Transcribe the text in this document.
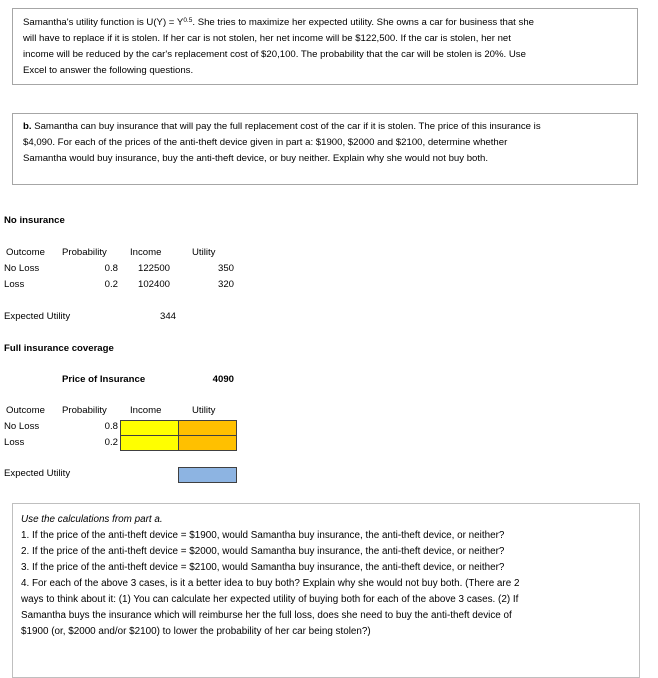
Samantha's utility function is $U(Y) = Y^{0.5}$. She tries to maximize her expected utility. She owns a car for business that she
will have to replace if it is stolen. If her car is not stolen, her net income will be $122,500. If the car is stolen, her net
income will be reduced by the car's replacement cost of $20,100. The probability that the car will be stolen is 20%. Use
Excel to answer the following questions.
b. Samantha can buy insurance that will pay the full replacement cost of the car if it is stolen. The price of this insurance is
$4,090. For each of the prices of the anti-theft device given in part a: $1900, $2000 and $2100, determine whether
Samantha would buy insurance, buy the anti-theft device, or buy neither. Explain why she would not buy both.
No insurance
Outcome Probability Income	Utility
No Loss	0.8 122500	350
Loss	0.2 102400	320
Expected Utility	344
Full insurance coverage
Price of Insurance	4090
Outcome Probability Income	Utility
No Loss	0.8
Loss	0.2
Expected Utility
Use the calculations from part a.
1. If the price of the anti-theft device = $1900, would Samantha buy insurance, the anti-theft device, or neither?
2. If the price of the anti-theft device = $2000, would Samantha buy insurance, the anti-theft device, or neither?
3. If the price of the anti-theft device = $2100, would Samantha buy insurance, the anti-theft device, or neither?
4. For each of the above 3 cases, is it a better idea to buy both? Explain why she would not buy both. (There are 2
ways to think about it: (1) You can calculate her expected utility of buying both for each of the above 3 cases. (2) If
Samantha buys the insurance which will reimburse her the full loss, does she need to buy the anti-theft device of
$1900 (or, $2000 and/or $2100) to lower the probability of her car being stolen?)
